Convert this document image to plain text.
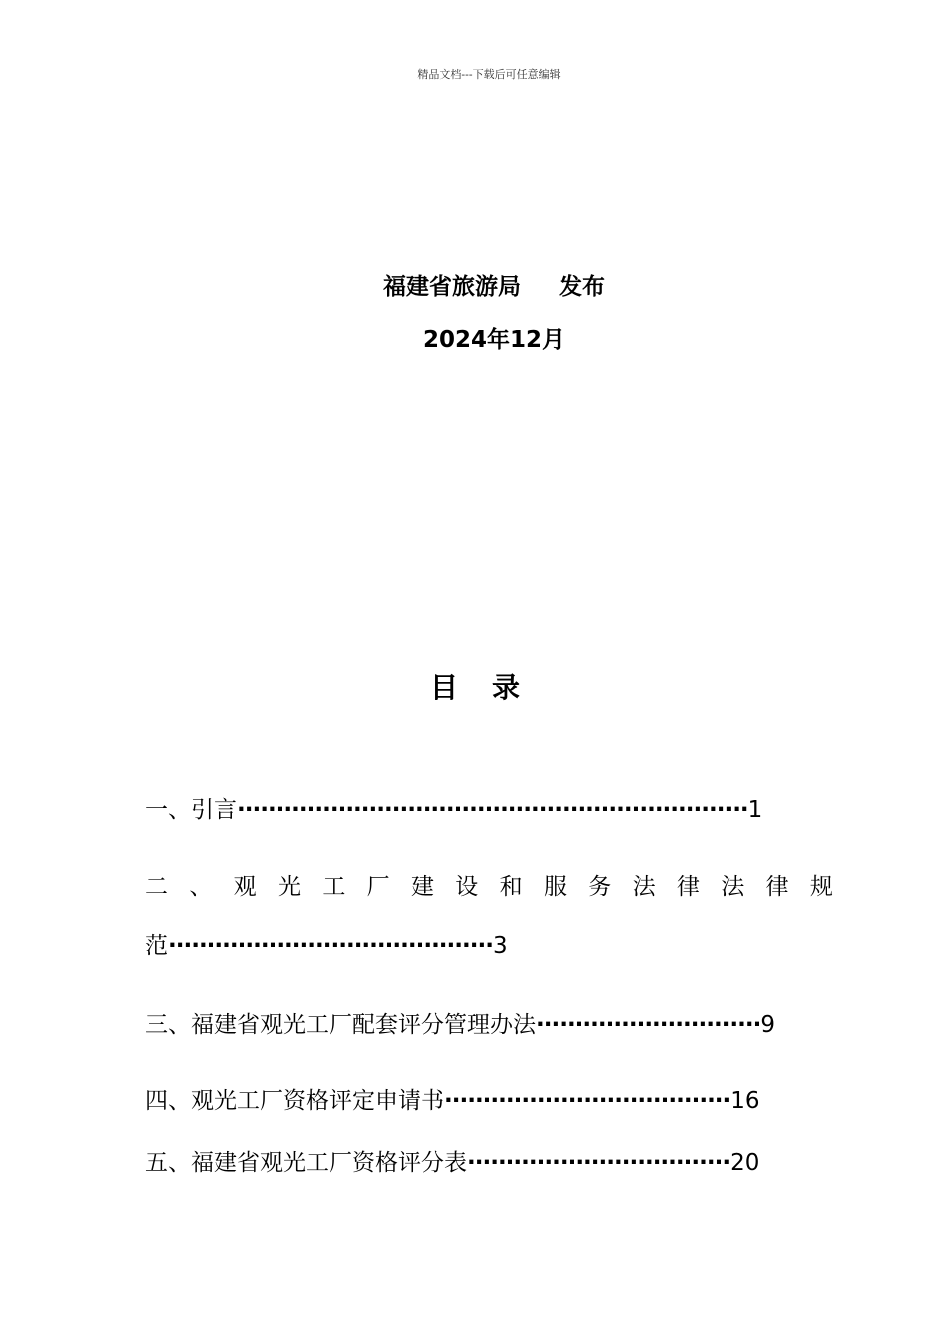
精品文档---下载后可任意编辑
福建省旅游局 发布
2024年12月
目录
一、引言··································································1
二 、 观 光 工 厂 建 设 和 服 务 法 律 法 律 规
范··········································3
三、福建省观光工厂配套评分管理办法·····························9
四、观光工厂资格评定申请书·····································16
五、福建省观光工厂资格评分表··································20
